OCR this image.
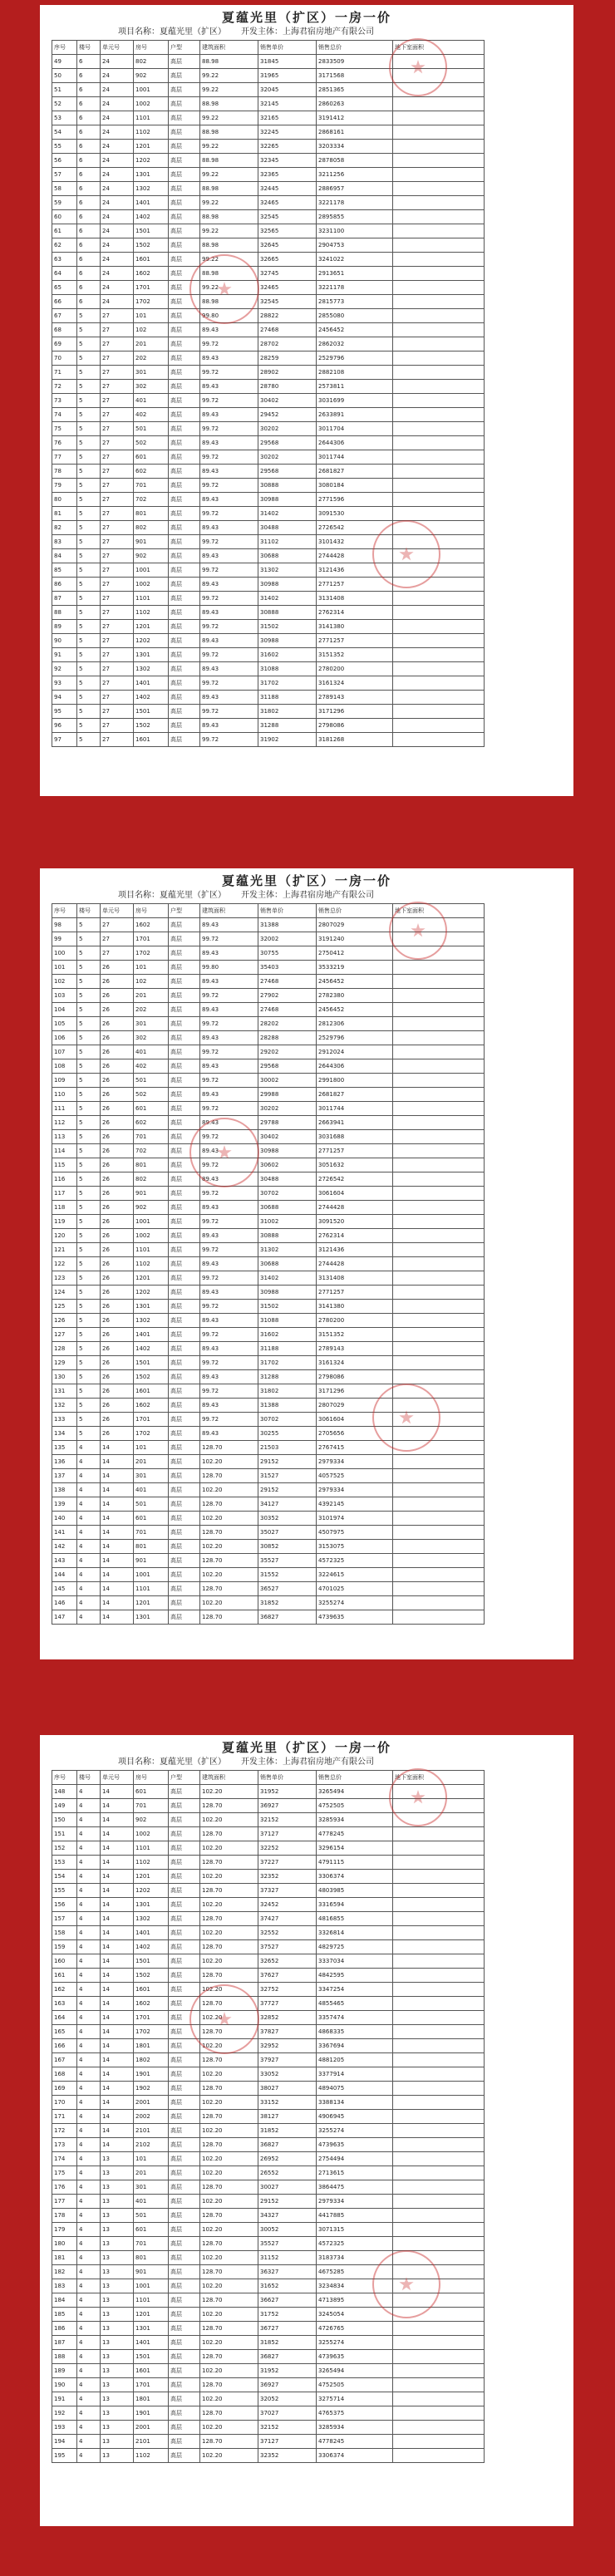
夏蕴光里（扩区）一房一价
项目名称：夏蕴光里（扩区） 开发主体：上海君宿房地产有限公司
序号	楼号	单元号	房号	户型	建筑面积	销售单价	销售总价	地下室面积
49	6	24	802	高层	88.98	31845	2833509	
50	6	24	902	高层	99.22	31965	3171568	
51	6	24	1001	高层	99.22	32045	2851365	
52	6	24	1002	高层	88.98	32145	2860263	
53	6	24	1101	高层	99.22	32165	3191412	
54	6	24	1102	高层	88.98	32245	2868161	
55	6	24	1201	高层	99.22	32265	3203334	
56	6	24	1202	高层	88.98	32345	2878058	
57	6	24	1301	高层	99.22	32365	3211256	
58	6	24	1302	高层	88.98	32445	2886957	
59	6	24	1401	高层	99.22	32465	3221178	
60	6	24	1402	高层	88.98	32545	2895855	
61	6	24	1501	高层	99.22	32565	3231100	
62	6	24	1502	高层	88.98	32645	2904753	
63	6	24	1601	高层	99.22	32665	3241022	
64	6	24	1602	高层	88.98	32745	2913651	
65	6	24	1701	高层	99.22	32465	3221178	
66	6	24	1702	高层	88.98	32545	2815773	
67	5	27	101	高层	99.80	28822	2855080	
68	5	27	102	高层	89.43	27468	2456452	
69	5	27	201	高层	99.72	28702	2862032	
70	5	27	202	高层	89.43	28259	2529796	
71	5	27	301	高层	99.72	28902	2882108	
72	5	27	302	高层	89.43	28780	2573811	
73	5	27	401	高层	99.72	30402	3031699	
74	5	27	402	高层	89.43	29452	2633891	
75	5	27	501	高层	99.72	30202	3011704	
76	5	27	502	高层	89.43	29568	2644306	
77	5	27	601	高层	99.72	30202	3011744	
78	5	27	602	高层	89.43	29568	2681827	
79	5	27	701	高层	99.72	30888	3080184	
80	5	27	702	高层	89.43	30988	2771596	
81	5	27	801	高层	99.72	31402	3091530	
82	5	27	802	高层	89.43	30488	2726542	
83	5	27	901	高层	99.72	31102	3101432	
84	5	27	902	高层	89.43	30688	2744428	
85	5	27	1001	高层	99.72	31302	3121436	
86	5	27	1002	高层	89.43	30988	2771257	
87	5	27	1101	高层	99.72	31402	3131408	
88	5	27	1102	高层	89.43	30888	2762314	
89	5	27	1201	高层	99.72	31502	3141380	
90	5	27	1202	高层	89.43	30988	2771257	
91	5	27	1301	高层	99.72	31602	3151352	
92	5	27	1302	高层	89.43	31088	2780200	
93	5	27	1401	高层	99.72	31702	3161324	
94	5	27	1402	高层	89.43	31188	2789143	
95	5	27	1501	高层	99.72	31802	3171296	
96	5	27	1502	高层	89.43	31288	2798086	
97	5	27	1601	高层	99.72	31902	3181268	
夏蕴光里（扩区）一房一价
项目名称：夏蕴光里（扩区） 开发主体：上海君宿房地产有限公司
序号	楼号	单元号	房号	户型	建筑面积	销售单价	销售总价	地下室面积
98	5	27	1602	高层	89.43	31388	2807029	
99	5	27	1701	高层	99.72	32002	3191240	
100	5	27	1702	高层	89.43	30755	2750412	
101	5	26	101	高层	99.80	35403	3533219	
102	5	26	102	高层	89.43	27468	2456452	
103	5	26	201	高层	99.72	27902	2782380	
104	5	26	202	高层	89.43	27468	2456452	
105	5	26	301	高层	99.72	28202	2812306	
106	5	26	302	高层	89.43	28288	2529796	
107	5	26	401	高层	99.72	29202	2912024	
108	5	26	402	高层	89.43	29568	2644306	
109	5	26	501	高层	99.72	30002	2991800	
110	5	26	502	高层	89.43	29988	2681827	
111	5	26	601	高层	99.72	30202	3011744	
112	5	26	602	高层	89.43	29788	2663941	
113	5	26	701	高层	99.72	30402	3031688	
114	5	26	702	高层	89.43	30988	2771257	
115	5	26	801	高层	99.72	30602	3051632	
116	5	26	802	高层	89.43	30488	2726542	
117	5	26	901	高层	99.72	30702	3061604	
118	5	26	902	高层	89.43	30688	2744428	
119	5	26	1001	高层	99.72	31002	3091520	
120	5	26	1002	高层	89.43	30888	2762314	
121	5	26	1101	高层	99.72	31302	3121436	
122	5	26	1102	高层	89.43	30688	2744428	
123	5	26	1201	高层	99.72	31402	3131408	
124	5	26	1202	高层	89.43	30988	2771257	
125	5	26	1301	高层	99.72	31502	3141380	
126	5	26	1302	高层	89.43	31088	2780200	
127	5	26	1401	高层	99.72	31602	3151352	
128	5	26	1402	高层	89.43	31188	2789143	
129	5	26	1501	高层	99.72	31702	3161324	
130	5	26	1502	高层	89.43	31288	2798086	
131	5	26	1601	高层	99.72	31802	3171296	
132	5	26	1602	高层	89.43	31388	2807029	
133	5	26	1701	高层	99.72	30702	3061604	
134	5	26	1702	高层	89.43	30255	2705656	
135	4	14	101	高层	128.70	21503	2767415	
136	4	14	201	高层	102.20	29152	2979334	
137	4	14	301	高层	128.70	31527	4057525	
138	4	14	401	高层	102.20	29152	2979334	
139	4	14	501	高层	128.70	34127	4392145	
140	4	14	601	高层	102.20	30352	3101974	
141	4	14	701	高层	128.70	35027	4507975	
142	4	14	801	高层	102.20	30852	3153075	
143	4	14	901	高层	128.70	35527	4572325	
144	4	14	1001	高层	102.20	31552	3224615	
145	4	14	1101	高层	128.70	36527	4701025	
146	4	14	1201	高层	102.20	31852	3255274	
147	4	14	1301	高层	128.70	36827	4739635	
夏蕴光里（扩区）一房一价
项目名称：夏蕴光里（扩区） 开发主体：上海君宿房地产有限公司
序号	楼号	单元号	房号	户型	建筑面积	销售单价	销售总价	地下室面积
148	4	14	601	高层	102.20	31952	3265494	
149	4	14	701	高层	128.70	36927	4752505	
150	4	14	902	高层	102.20	32152	3285934	
151	4	14	1002	高层	128.70	37127	4778245	
152	4	14	1101	高层	102.20	32252	3296154	
153	4	14	1102	高层	128.70	37227	4791115	
154	4	14	1201	高层	102.20	32352	3306374	
155	4	14	1202	高层	128.70	37327	4803985	
156	4	14	1301	高层	102.20	32452	3316594	
157	4	14	1302	高层	128.70	37427	4816855	
158	4	14	1401	高层	102.20	32552	3326814	
159	4	14	1402	高层	128.70	37527	4829725	
160	4	14	1501	高层	102.20	32652	3337034	
161	4	14	1502	高层	128.70	37627	4842595	
162	4	14	1601	高层	102.20	32752	3347254	
163	4	14	1602	高层	128.70	37727	4855465	
164	4	14	1701	高层	102.20	32852	3357474	
165	4	14	1702	高层	128.70	37827	4868335	
166	4	14	1801	高层	102.20	32952	3367694	
167	4	14	1802	高层	128.70	37927	4881205	
168	4	14	1901	高层	102.20	33052	3377914	
169	4	14	1902	高层	128.70	38027	4894075	
170	4	14	2001	高层	102.20	33152	3388134	
171	4	14	2002	高层	128.70	38127	4906945	
172	4	14	2101	高层	102.20	31852	3255274	
173	4	14	2102	高层	128.70	36827	4739635	
174	4	13	101	高层	102.20	26952	2754494	
175	4	13	201	高层	102.20	26552	2713615	
176	4	13	301	高层	128.70	30027	3864475	
177	4	13	401	高层	102.20	29152	2979334	
178	4	13	501	高层	128.70	34327	4417885	
179	4	13	601	高层	102.20	30052	3071315	
180	4	13	701	高层	128.70	35527	4572325	
181	4	13	801	高层	102.20	31152	3183734	
182	4	13	901	高层	128.70	36327	4675285	
183	4	13	1001	高层	102.20	31652	3234834	
184	4	13	1101	高层	128.70	36627	4713895	
185	4	13	1201	高层	102.20	31752	3245054	
186	4	13	1301	高层	128.70	36727	4726765	
187	4	13	1401	高层	102.20	31852	3255274	
188	4	13	1501	高层	128.70	36827	4739635	
189	4	13	1601	高层	102.20	31952	3265494	
190	4	13	1701	高层	128.70	36927	4752505	
191	4	13	1801	高层	102.20	32052	3275714	
192	4	13	1901	高层	128.70	37027	4765375	
193	4	13	2001	高层	102.20	32152	3285934	
194	4	13	2101	高层	128.70	37127	4778245	
195	4	13	1102	高层	102.20	32352	3306374	
